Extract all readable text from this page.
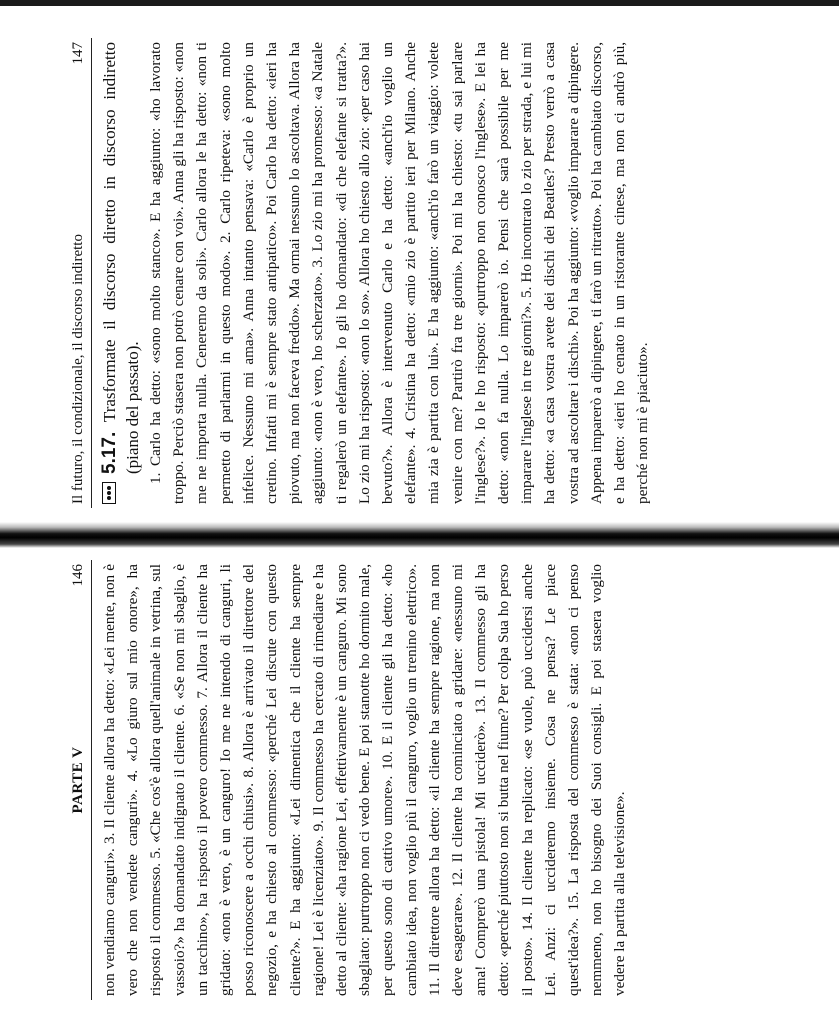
Il futuro, il condizionale, il discorso indiretto
147
5.17. Trasformate il discorso diretto in discorso indiretto (piano del passato). 1. Carlo ha detto: «sono molto stanco». E ha aggiunto: «ho lavorato troppo. Perciò stasera non potrò cenare con voi». Anna gli ha risposto: «non me ne importa nulla. Ceneremo da soli». Carlo allora le ha detto: «non ti permetto di parlarmi in questo modo». 2. Carlo ripeteva: «sono molto infelice. Nessuno mi ama». Anna intanto pensava: «Carlo è proprio un cretino. Infatti mi è sempre stato antipatico». Poi Carlo ha detto: «ieri ha piovuto, ma non faceva freddo». Ma ormai nessuno lo ascoltava. Allora ha aggiunto: «non è vero, ho scherzato». 3. Lo zio mi ha promesso: «a Natale ti regalerò un elefante». Io gli ho domandato: «di che elefante si tratta?». Lo zio mi ha risposto: «non lo so». Allora ho chiesto allo zio: «per caso hai bevuto?». Allora è intervenuto Carlo e ha detto: «anch'io voglio un elefante». 4. Cristina ha detto: «mio zio è partito ieri per Milano. Anche mia zia è partita con lui». E ha aggiunto: «anch'io farò un viaggio: volete venire con me? Partirò fra tre giorni». Poi mi ha chiesto: «tu sai parlare l'inglese?». Io le ho risposto: «purtroppo non conosco l'inglese». E lei ha detto: «non fa nulla. Lo imparerò io. Pensi che sarà possibile per me imparare l'inglese in tre giorni?». 5. Ho incontrato lo zio per strada, e lui mi ha detto: «a casa vostra avete dei dischi dei Beatles? Presto verrò a casa vostra ad ascoltare i dischi». Poi ha aggiunto: «voglio imparare a dipingere. Appena imparerò a dipingere, ti farò un ritratto». Poi ha cambiato discorso, e ha detto: «ieri ho cenato in un ristorante cinese, ma non ci andrò più, perché non mi è piaciuto».

PARTE V
146 non vendiamo canguri». 3. Il cliente allora ha detto: «Lei mente, non è vero che non vendete canguri». 4. «Lo giuro sul mio onore», ha risposto il commesso. 5. «Che cos'è allora quell'animale in vetrina, sul vassoio?» ha domandato indignato il cliente. 6. «Se non mi sbaglio, è un tacchino», ha risposto il povero commesso. 7. Allora il cliente ha gridato: «non è vero, è un canguro! Io me ne intendo di canguri, li posso riconoscere a occhi chiusi». 8. Allora è arrivato il direttore del negozio, e ha chiesto al commesso: «perché Lei discute con questo cliente?». E ha aggiunto: «Lei dimentica che il cliente ha sempre ragione! Lei è licenziato». 9. Il commesso ha cercato di rimediare e ha detto al cliente: «ha ragione Lei, effettivamente è un canguro. Mi sono sbagliato: purtroppo non ci vedo bene. E poi stanotte ho dormito male, per questo sono di cattivo umore». 10. E il cliente gli ha detto: «ho cambiato idea, non voglio più il canguro, voglio un trenino elettrico». 11. Il direttore allora ha detto: «il cliente ha sempre ragione, ma non deve esagerare». 12. Il cliente ha cominciato a gridare: «nessuno mi ama! Comprerò una pistola! Mi ucciderò». 13. Il commesso gli ha detto: «perché piuttosto non si butta nel fiume? Per colpa Sua ho perso il posto». 14. Il cliente ha replicato: «se vuole, può uccidersi anche Lei. Anzi: ci uccideremo insieme. Cosa ne pensa? Le piace quest'idea?». 15. La risposta del commesso è stata: «non ci penso nemmeno, non ho bisogno dei Suoi consigli. E poi stasera voglio vedere la partita alla televisione».
